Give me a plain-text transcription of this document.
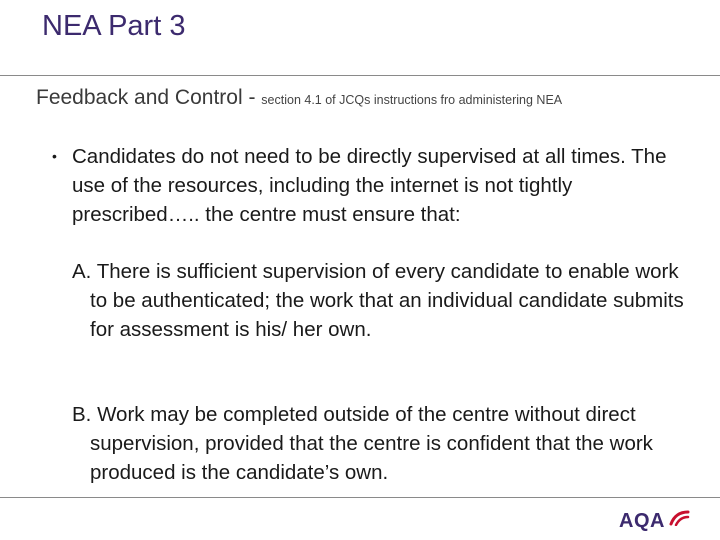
NEA Part 3
Feedback and Control - section 4.1 of JCQs instructions fro administering NEA
• Candidates do not need to be directly supervised at all times. The use of the resources, including the internet is not tightly prescribed….. the centre must ensure that:
A. There is sufficient supervision of every candidate to enable work to be authenticated; the work that an individual candidate submits for assessment is his/ her own.
B. Work may be completed outside of the centre without direct supervision, provided that the centre is confident that the work produced is the candidate’s own.
AQA
